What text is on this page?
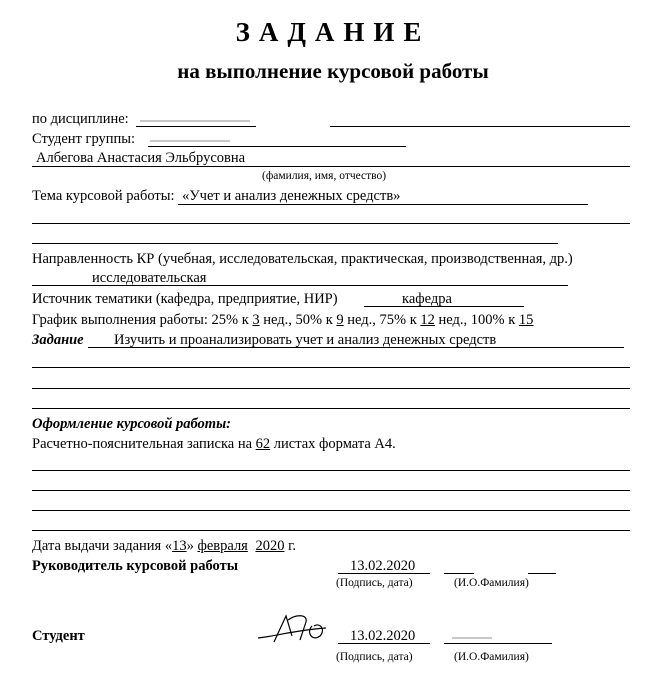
ЗАДАНИЕ
на выполнение курсовой работы
по дисциплине:
Студент группы:
Албегова Анастасия Эльбрусовна
(фамилия, имя, отчество)
Тема курсовой работы: «Учет и анализ денежных средств»
Направленность КР (учебная, исследовательская, практическая, производственная, др.)
исследовательская
Источник тематики (кафедра, предприятие, НИР)	кафедра
График выполнения работы: 25% к 3 нед., 50% к 9 нед., 75% к 12 нед., 100% к 15
Задание Изучить и проанализировать учет и анализ денежных средств
Оформление курсовой работы:
Расчетно-пояснительная записка на 62 листах формата А4.
Дата выдачи задания «13» февраля 2020 г.
Руководитель курсовой работы	13.02.2020
(Подпись, дата)	(И.О.Фамилия)
Студент	13.02.2020
(Подпись, дата)	(И.О.Фамилия)
